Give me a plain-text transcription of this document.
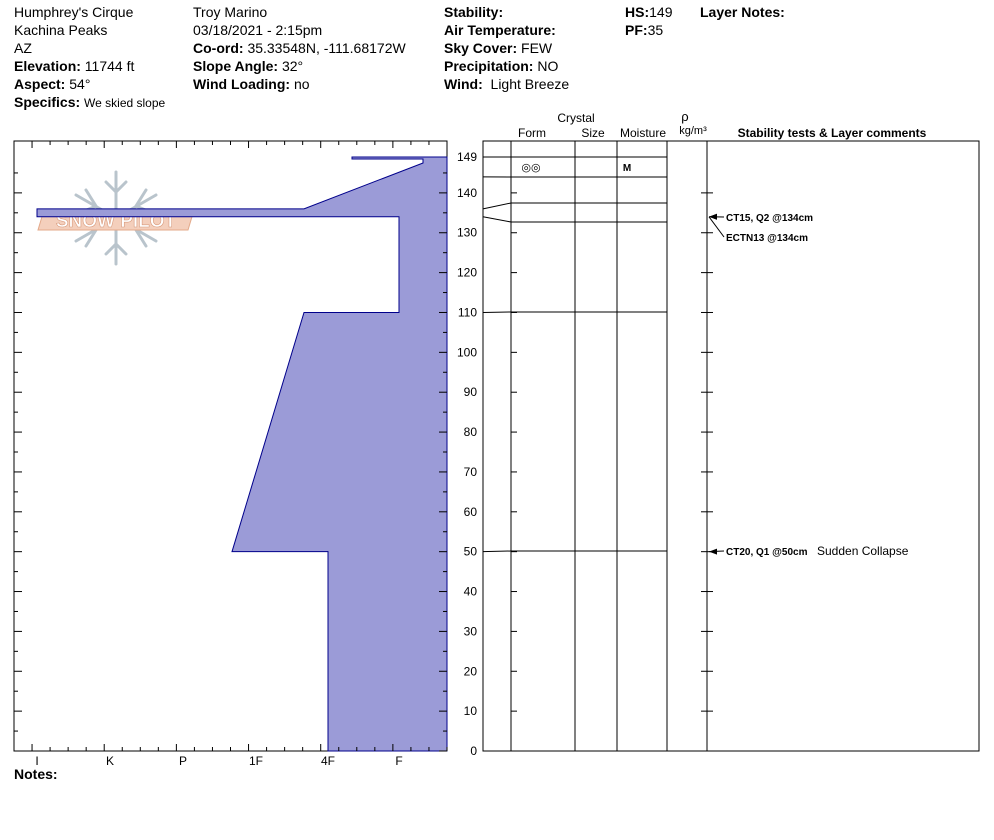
Humphrey's Cirque
Kachina Peaks
AZ
Elevation: 11744 ft
Aspect: 54°
Specifics: We skied slope
Troy Marino
03/18/2021 - 2:15pm
Co-ord: 35.33548N, -111.68172W
Slope Angle: 32°
Wind Loading: no
Stability:
Air Temperature:
Sky Cover: FEW
Precipitation: NO
Wind: Light Breeze
HS:149
PF:35
Layer Notes:
Notes:
SNOW PILOT
I	K	P	1F	4F	F
149
140
130
120
110
100
90
80
70
60
50
40
30
20
10
0
◎◎	M
CT15, Q2 @134cm
ECTN13 @134cm
CT20, Q1 @50cm Sudden Collapse
Crystal
Form	Size Moisture
ρ
kg/m³	Stability tests & Layer comments
